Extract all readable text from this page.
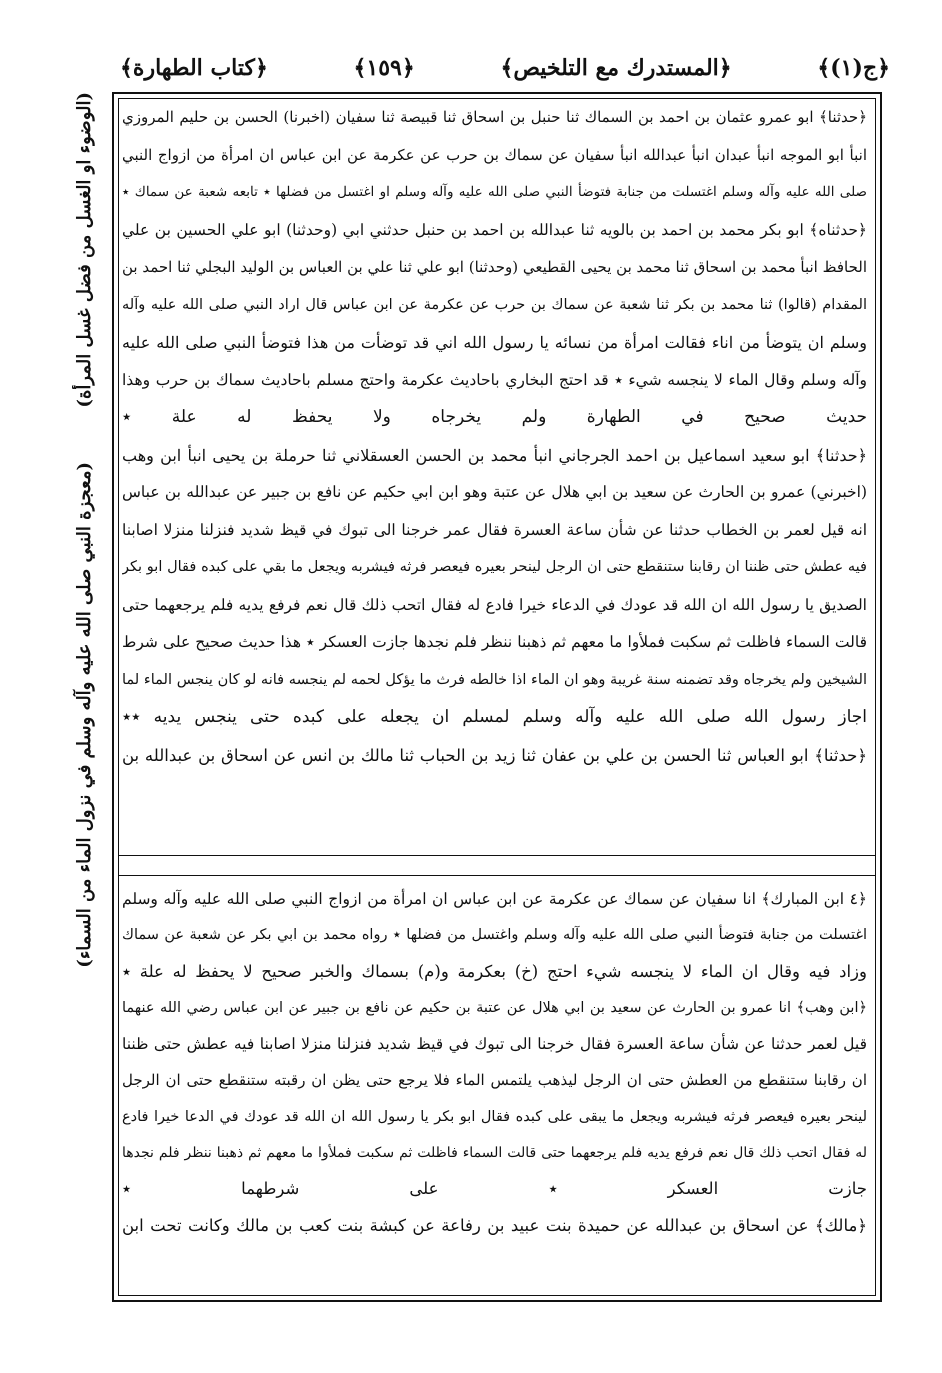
﴿ج(١)﴾
﴿المستدرك مع التلخيص﴾
﴿١٥٩﴾
﴿كتاب الطهارة﴾
(الوضوء او الغسل من فضل غسل المرأة)
(معجزة النبي صلى الله عليه وآله وسلم في نزول الماء من السماء)
﴿حدثنا﴾ ابو عمرو عثمان بن احمد بن السماك ثنا حنبل بن اسحاق ثنا قبيصة ثنا سفيان (اخبرنا) الحسن بن حليم المروزي
انبأ ابو الموجه انبأ عبدان انبأ عبدالله انبأ سفيان عن سماك بن حرب عن عكرمة عن ابن عباس ان امرأة من ازواج النبي
صلى الله عليه وآله وسلم اغتسلت من جنابة فتوضأ النبي صلى الله عليه وآله وسلم او اغتسل من فضلها ٭ تابعه شعبة عن سماك ٭
﴿حدثناه﴾ ابو بكر محمد بن احمد بن بالويه ثنا عبدالله بن احمد بن حنبل حدثني ابي (وحدثنا) ابو علي الحسين بن علي
الحافظ انبأ محمد بن اسحاق ثنا محمد بن يحيى القطيعي (وحدثنا) ابو علي ثنا علي بن العباس بن الوليد البجلي ثنا احمد بن
المقدام (قالوا) ثنا محمد بن بكر ثنا شعبة عن سماك بن حرب عن عكرمة عن ابن عباس قال اراد النبي صلى الله عليه وآله
وسلم ان يتوضأ من اناء فقالت امرأة من نسائه يا رسول الله اني قد توضأت من هذا فتوضأ النبي صلى الله عليه
وآله وسلم وقال الماء لا ينجسه شيء ٭ قد احتج البخاري باحاديث عكرمة واحتج مسلم باحاديث سماك بن حرب وهذا
حديث صحيح في الطهارة ولم يخرجاه ولا يحفظ له علة ٭
﴿حدثنا﴾ ابو سعيد اسماعيل بن احمد الجرجاني انبأ محمد بن الحسن العسقلاني ثنا حرملة بن يحيى انبأ ابن وهب
(اخبرني) عمرو بن الحارث عن سعيد بن ابي هلال عن عتبة وهو ابن ابي حكيم عن نافع بن جبير عن عبدالله بن عباس
انه قيل لعمر بن الخطاب حدثنا عن شأن ساعة العسرة فقال عمر خرجنا الى تبوك في قيظ شديد فنزلنا منزلا اصابنا
فيه عطش حتى ظننا ان رقابنا ستنقطع حتى ان الرجل لينحر بعيره فيعصر فرثه فيشربه ويجعل ما بقي على كبده فقال ابو بكر
الصديق يا رسول الله ان الله قد عودك في الدعاء خيرا فادع له فقال اتحب ذلك قال نعم فرفع يديه فلم يرجعهما حتى
قالت السماء فاظلت ثم سكبت فملأوا ما معهم ثم ذهبنا ننظر فلم نجدها جازت العسكر ٭ هذا حديث صحيح على شرط
الشيخين ولم يخرجاه وقد تضمنه سنة غريبة وهو ان الماء اذا خالطه فرث ما يؤكل لحمه لم ينجسه فانه لو كان ينجس الماء لما
اجاز رسول الله صلى الله عليه وآله وسلم لمسلم ان يجعله على كبده حتى ينجس يديه ٭٭
﴿حدثنا﴾ ابو العباس ثنا الحسن بن علي بن عفان ثنا زيد بن الحباب ثنا مالك بن انس عن اسحاق بن عبدالله بن
﴿٤ ابن المبارك﴾ انا سفيان عن سماك عن عكرمة عن ابن عباس ان امرأة من ازواج النبي صلى الله عليه وآله وسلم
اغتسلت من جنابة فتوضأ النبي صلى الله عليه وآله وسلم واغتسل من فضلها ٭ رواه محمد بن ابي بكر عن شعبة عن سماك
وزاد فيه وقال ان الماء لا ينجسه شيء احتج (خ) بعكرمة و(م) بسماك والخبر صحيح لا يحفظ له علة ٭
﴿ابن وهب﴾ انا عمرو بن الحارث عن سعيد بن ابي هلال عن عتبة بن حكيم عن نافع بن جبير عن ابن عباس رضي الله عنهما
قيل لعمر حدثنا عن شأن ساعة العسرة فقال خرجنا الى تبوك في قيظ شديد فنزلنا منزلا اصابنا فيه عطش حتى ظننا
ان رقابنا ستنقطع من العطش حتى ان الرجل ليذهب يلتمس الماء فلا يرجع حتى يظن ان رقبته ستنقطع حتى ان الرجل
لينحر بعيره فيعصر فرثه فيشربه ويجعل ما يبقى على كبده فقال ابو بكر يا رسول الله ان الله قد عودك في الدعا خيرا فادع
له فقال اتحب ذلك قال نعم فرفع يديه فلم يرجعهما حتى قالت السماء فاظلت ثم سكبت فملأوا ما معهم ثم ذهبنا ننظر فلم نجدها
جازت العسكر ٭ على شرطهما ٭
﴿مالك﴾ عن اسحاق بن عبدالله عن حميدة بنت عبيد بن رفاعة عن كبشة بنت كعب بن مالك وكانت تحت ابن
